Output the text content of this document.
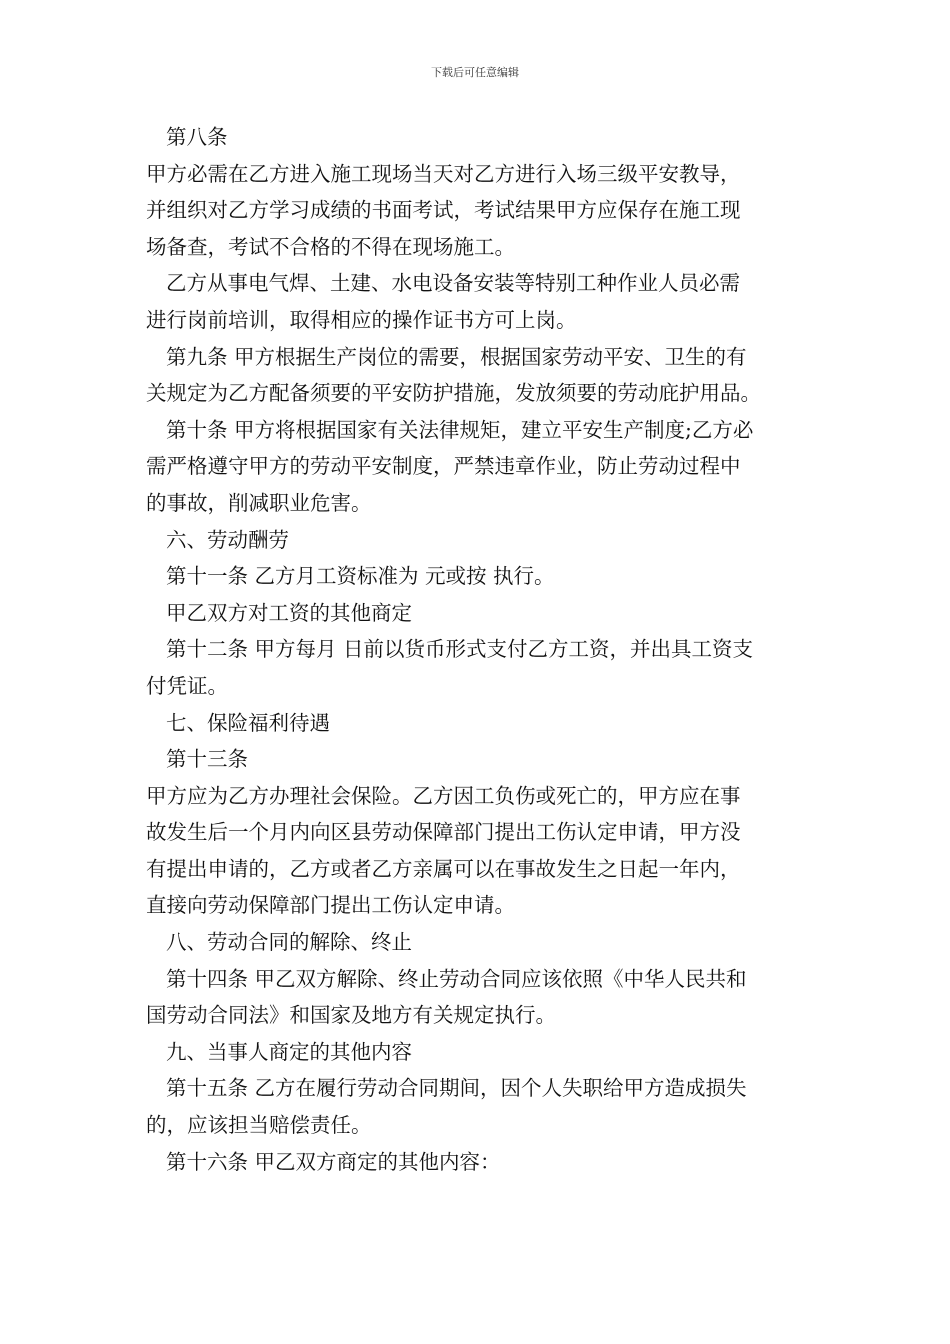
下载后可任意编辑
第八条
甲方必需在乙方进入施工现场当天对乙方进行入场三级平安教导，
并组织对乙方学习成绩的书面考试，考试结果甲方应保存在施工现
场备查，考试不合格的不得在现场施工。
乙方从事电气焊、土建、水电设备安装等特别工种作业人员必需
进行岗前培训，取得相应的操作证书方可上岗。
第九条 甲方根据生产岗位的需要，根据国家劳动平安、卫生的有
关规定为乙方配备须要的平安防护措施，发放须要的劳动庇护用品。
第十条 甲方将根据国家有关法律规矩，建立平安生产制度;乙方必
需严格遵守甲方的劳动平安制度，严禁违章作业，防止劳动过程中
的事故，削减职业危害。
六、劳动酬劳
第十一条 乙方月工资标准为 元或按 执行。
甲乙双方对工资的其他商定
第十二条 甲方每月 日前以货币形式支付乙方工资，并出具工资支
付凭证。
七、保险福利待遇
第十三条
甲方应为乙方办理社会保险。乙方因工负伤或死亡的，甲方应在事
故发生后一个月内向区县劳动保障部门提出工伤认定申请，甲方没
有提出申请的，乙方或者乙方亲属可以在事故发生之日起一年内，
直接向劳动保障部门提出工伤认定申请。
八、劳动合同的解除、终止
第十四条 甲乙双方解除、终止劳动合同应该依照《中华人民共和
国劳动合同法》和国家及地方有关规定执行。
九、当事人商定的其他内容
第十五条 乙方在履行劳动合同期间，因个人失职给甲方造成损失
的，应该担当赔偿责任。
第十六条 甲乙双方商定的其他内容：
